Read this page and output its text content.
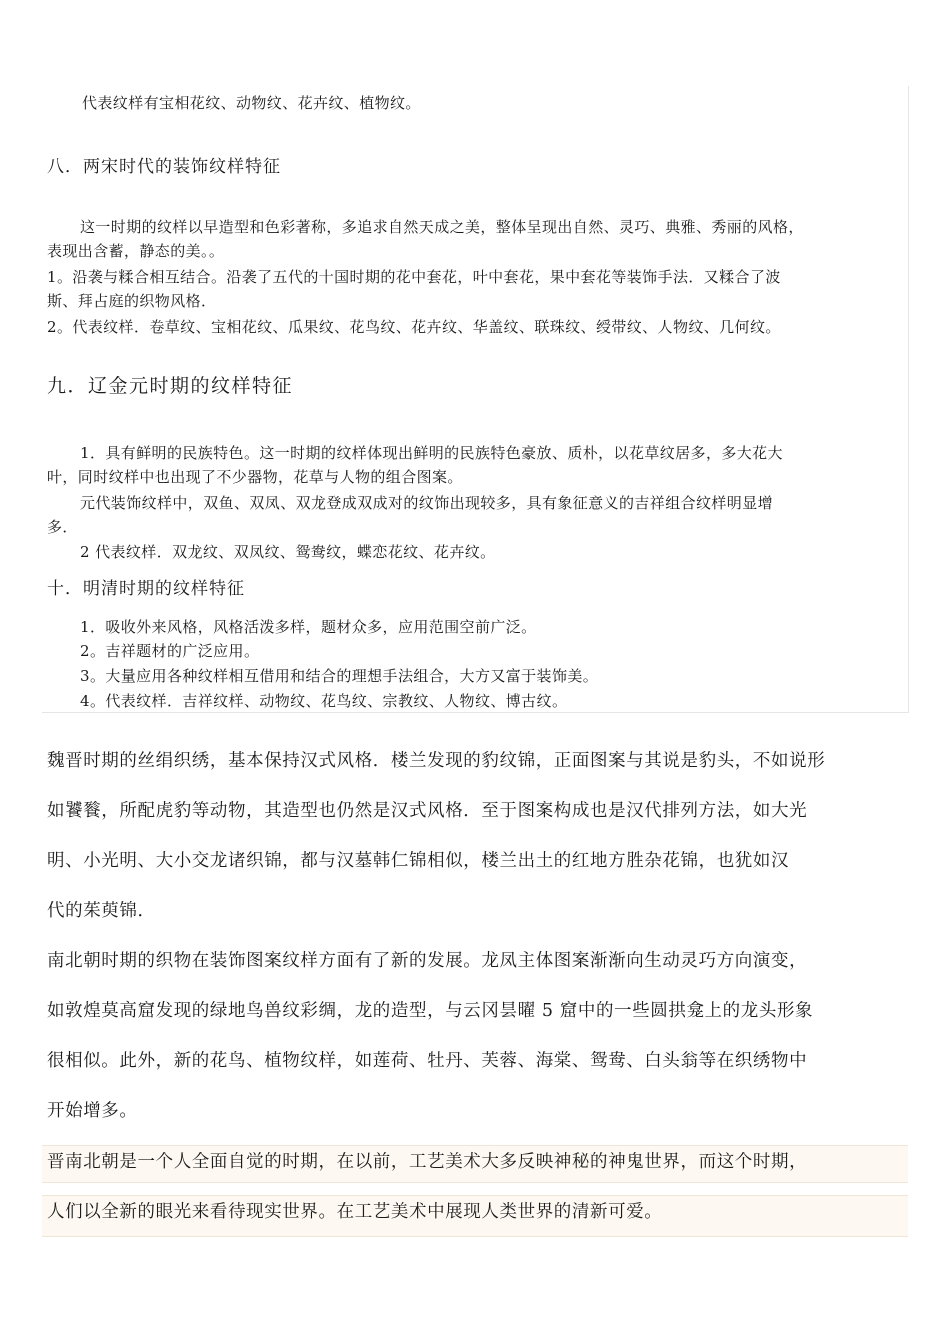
代表纹样有宝相花纹、动物纹、花卉纹、植物纹。
八．两宋时代的装饰纹样特征
这一时期的纹样以早造型和色彩著称，多追求自然天成之美，整体呈现出自然、灵巧、典雅、秀丽的风格，
表现出含蓄，静态的美。。
1。沿袭与糅合相互结合。沿袭了五代的十国时期的花中套花，叶中套花，果中套花等装饰手法．又糅合了波
斯、拜占庭的织物风格．
2。代表纹样．卷草纹、宝相花纹、瓜果纹、花鸟纹、花卉纹、华盖纹、联珠纹、绶带纹、人物纹、几何纹。
九．辽金元时期的纹样特征
1．具有鲜明的民族特色。这一时期的纹样体现出鲜明的民族特色豪放、质朴，以花草纹居多，多大花大
叶，同时纹样中也出现了不少器物，花草与人物的组合图案。
元代装饰纹样中，双鱼、双凤、双龙登成双成对的纹饰出现较多，具有象征意义的吉祥组合纹样明显增
多．
2 代表纹样．双龙纹、双凤纹、鸳鸯纹，蝶恋花纹、花卉纹。
十．明清时期的纹样特征
1．吸收外来风格，风格活泼多样，题材众多，应用范围空前广泛。
2。吉祥题材的广泛应用。
3。大量应用各种纹样相互借用和结合的理想手法组合，大方又富于装饰美。
4。代表纹样．吉祥纹样、动物纹、花鸟纹、宗教纹、人物纹、博古纹。
魏晋时期的丝绢织绣，基本保持汉式风格．楼兰发现的豹纹锦，正面图案与其说是豹头，不如说形
如饕餮，所配虎豹等动物，其造型也仍然是汉式风格．至于图案构成也是汉代排列方法，如大光
明、小光明、大小交龙诸织锦，都与汉墓韩仁锦相似，楼兰出土的红地方胜杂花锦，也犹如汉
代的茱萸锦．
南北朝时期的织物在装饰图案纹样方面有了新的发展。龙凤主体图案渐渐向生动灵巧方向演变，
如敦煌莫高窟发现的绿地鸟兽纹彩绸，龙的造型，与云冈昙曜 5 窟中的一些圆拱龛上的龙头形象
很相似。此外，新的花鸟、植物纹样，如莲荷、牡丹、芙蓉、海棠、鸳鸯、白头翁等在织绣物中
开始增多。
晋南北朝是一个人全面自觉的时期，在以前，工艺美术大多反映神秘的神鬼世界，而这个时期，
人们以全新的眼光来看待现实世界。在工艺美术中展现人类世界的清新可爱。
